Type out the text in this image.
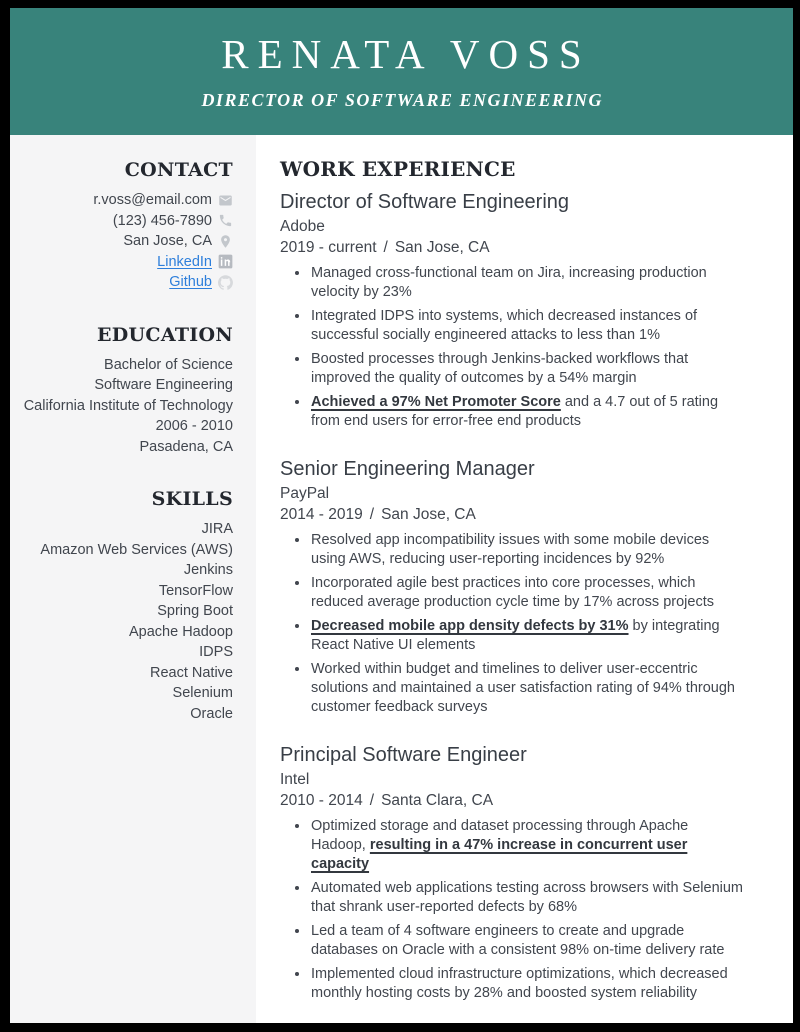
RENATA VOSS
DIRECTOR OF SOFTWARE ENGINEERING
CONTACT
r.voss@email.com
(123) 456-7890
San Jose, CA
LinkedIn
Github
EDUCATION
Bachelor of Science
Software Engineering
California Institute of Technology
2006 - 2010
Pasadena, CA
SKILLS
JIRA
Amazon Web Services (AWS)
Jenkins
TensorFlow
Spring Boot
Apache Hadoop
IDPS
React Native
Selenium
Oracle
WORK EXPERIENCE
Director of Software Engineering
Adobe
2019 - current / San Jose, CA
• Managed cross-functional team on Jira, increasing production velocity by 23%
• Integrated IDPS into systems, which decreased instances of successful socially engineered attacks to less than 1%
• Boosted processes through Jenkins-backed workflows that improved the quality of outcomes by a 54% margin
• Achieved a 97% Net Promoter Score and a 4.7 out of 5 rating from end users for error-free end products
Senior Engineering Manager
PayPal
2014 - 2019 / San Jose, CA
• Resolved app incompatibility issues with some mobile devices using AWS, reducing user-reporting incidences by 92%
• Incorporated agile best practices into core processes, which reduced average production cycle time by 17% across projects
• Decreased mobile app density defects by 31% by integrating React Native UI elements
• Worked within budget and timelines to deliver user-eccentric solutions and maintained a user satisfaction rating of 94% through customer feedback surveys
Principal Software Engineer
Intel
2010 - 2014 / Santa Clara, CA
• Optimized storage and dataset processing through Apache Hadoop, resulting in a 47% increase in concurrent user capacity
• Automated web applications testing across browsers with Selenium that shrank user-reported defects by 68%
• Led a team of 4 software engineers to create and upgrade databases on Oracle with a consistent 98% on-time delivery rate
• Implemented cloud infrastructure optimizations, which decreased monthly hosting costs by 28% and boosted system reliability
